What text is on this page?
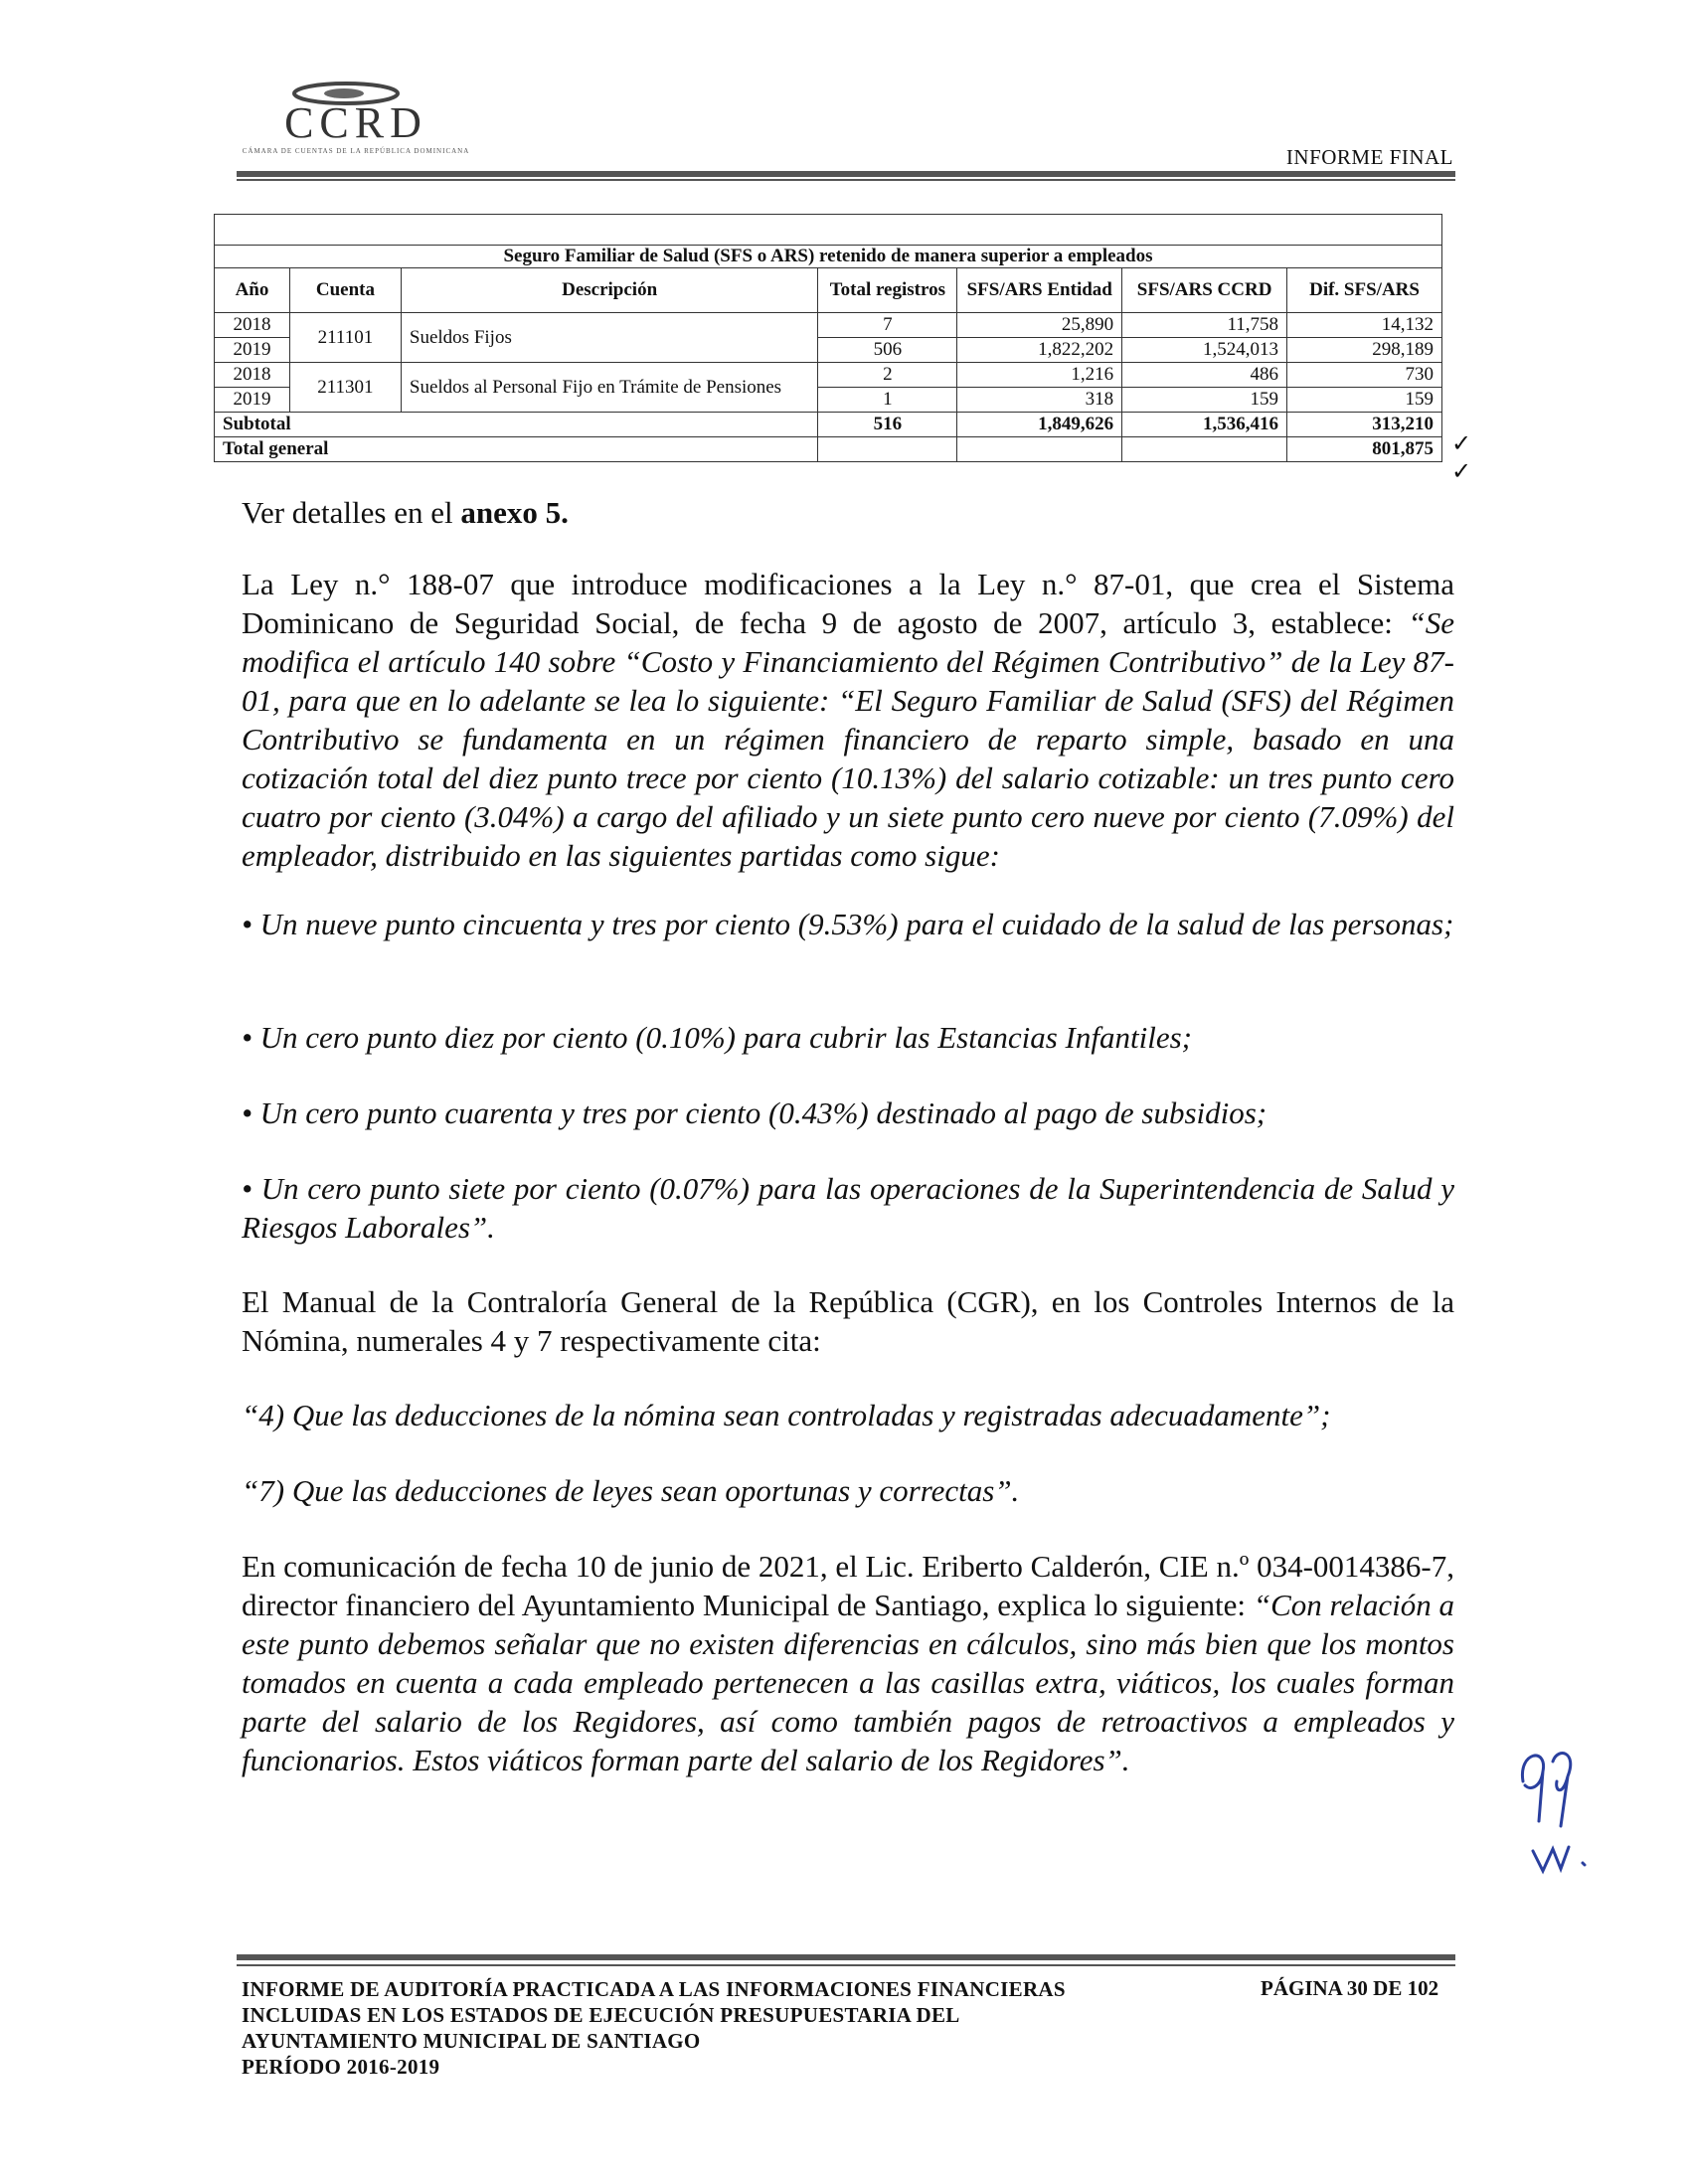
CCRD
CÁMARA DE CUENTAS DE LA REPÚBLICA DOMINICANA	INFORME FINAL

Seguro Familiar de Salud (SFS o ARS) retenido de manera superior a empleados						
Año	Cuenta	Descripción	Total registros	SFS/ARS Entidad	SFS/ARS CCRD	Dif. SFS/ARS
2018	211101	Sueldos Fijos	7	25,890	11,758	14,132
2019			506	1,822,202	1,524,013	298,189
2018	211301	Sueldos al Personal Fijo en Trámite de Pensiones	2	1,216	486	730
2019			1	318	159	159
Subtotal			516	1,849,626	1,536,416	313,210
Total general						801,875 ✓
✓
Ver detalles en el anexo 5.
La Ley n.° 188-07 que introduce modificaciones a la Ley n.° 87-01, que crea el Sistema Dominicano de Seguridad Social, de fecha 9 de agosto de 2007, artículo 3, establece: “Se modifica el artículo 140 sobre “Costo y Financiamiento del Régimen Contributivo” de la Ley 87-01, para que en lo adelante se lea lo siguiente: “El Seguro Familiar de Salud (SFS) del Régimen Contributivo se fundamenta en un régimen financiero de reparto simple, basado en una cotización total del diez punto trece por ciento (10.13%) del salario cotizable: un tres punto cero cuatro por ciento (3.04%) a cargo del afiliado y un siete punto cero nueve por ciento (7.09%) del empleador, distribuido en las siguientes partidas como sigue:
• Un nueve punto cincuenta y tres por ciento (9.53%) para el cuidado de la salud de las personas;
• Un cero punto diez por ciento (0.10%) para cubrir las Estancias Infantiles;
• Un cero punto cuarenta y tres por ciento (0.43%) destinado al pago de subsidios;
• Un cero punto siete por ciento (0.07%) para las operaciones de la Superintendencia de Salud y Riesgos Laborales”.
El Manual de la Contraloría General de la República (CGR), en los Controles Internos de la Nómina, numerales 4 y 7 respectivamente cita:
“4) Que las deducciones de la nómina sean controladas y registradas adecuadamente”;
“7) Que las deducciones de leyes sean oportunas y correctas”.
En comunicación de fecha 10 de junio de 2021, el Lic. Eriberto Calderón, CIE n.º 034-0014386-7, director financiero del Ayuntamiento Municipal de Santiago, explica lo siguiente: “Con relación a este punto debemos señalar que no existen diferencias en cálculos, sino más bien que los montos tomados en cuenta a cada empleado pertenecen a las casillas extra, viáticos, los cuales forman parte del salario de los Regidores, así como también pagos de retroactivos a empleados y funcionarios. Estos viáticos forman parte del salario de los Regidores”.
INFORME DE AUDITORÍA PRACTICADA A LAS INFORMACIONES FINANCIERAS
INCLUIDAS EN LOS ESTADOS DE EJECUCIÓN PRESUPUESTARIA DEL
AYUNTAMIENTO MUNICIPAL DE SANTIAGO
PERÍODO 2016-2019
PÁGINA 30 DE 102
